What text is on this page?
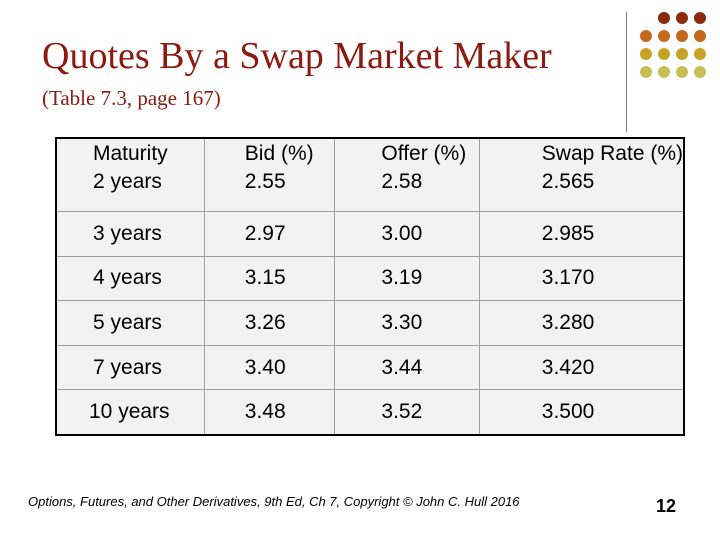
Quotes By a Swap Market Maker
(Table 7.3, page 167)
Maturity	Bid (%)	Offer (%)	Swap Rate (%)
2 years	2.55	2.58	2.565
3 years	2.97	3.00	2.985
4 years	3.15	3.19	3.170
5 years	3.26	3.30	3.280
7 years	3.40	3.44	3.420
10 years	3.48	3.52	3.500
Options, Futures, and Other Derivatives, 9th Ed, Ch 7, Copyright © John C. Hull 2016	12
